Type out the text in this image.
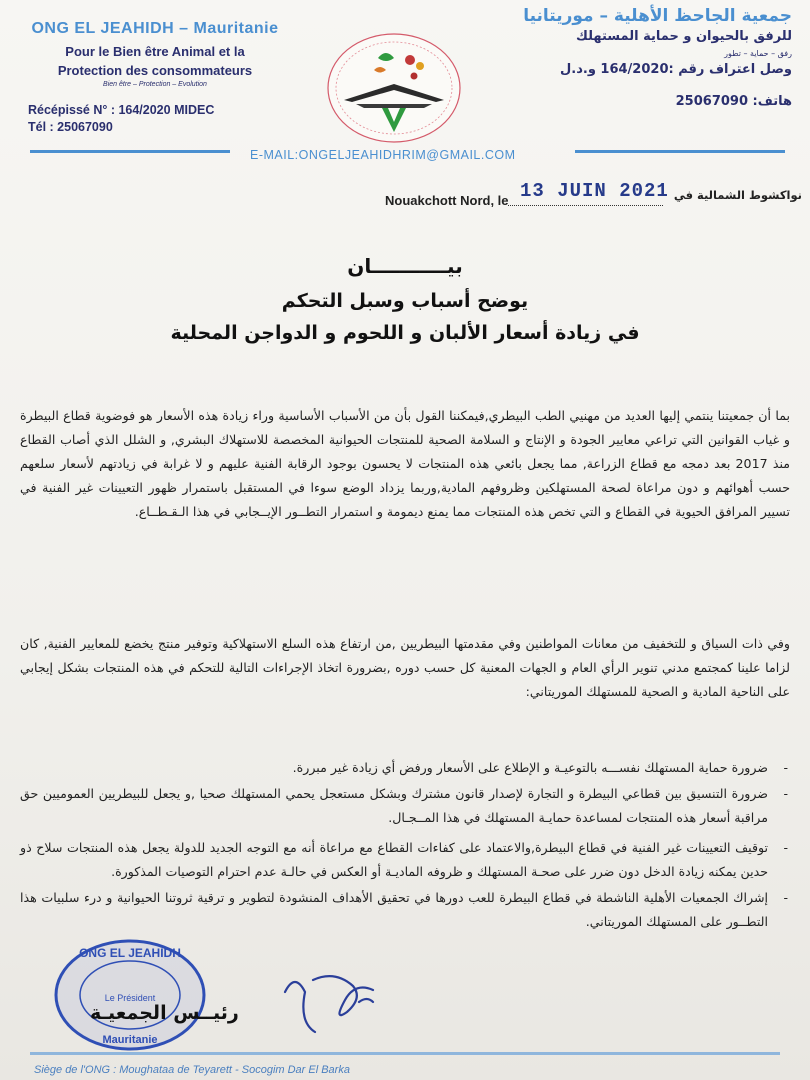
ONG EL JEAHIDH – Mauritanie
Pour le Bien être Animal et la
Protection des consommateurs
Bien être – Protection – Evolution
Récépissé N° : 164/2020 MIDEC
Tél : 25067090
جمعية الجاحظ الأهلية – موريتانيا
للرفق بالحيوان و حماية المستهلك
رفق – حماية – تطور
وصل اعتراف رقم :164/2020 و.د.ل
هاتف: 25067090
E-MAIL:ONGELJEAHIDHRIM@GMAIL.COM
Nouakchott Nord, le 13 JUIN 2021 نواكشوط الشمالية في
بيـــــــــــان
يوضح أسباب وسبل التحكم
في زيادة أسعار الألبان و اللحوم و الدواجن المحلية
بما أن جمعيتنا ينتمي إليها العديد من مهنيي الطب البيطري,فيمكننا القول بأن من الأسباب الأساسية وراء زيادة هذه الأسعار هو فوضوية قطاع البيطرة و غياب القوانين التي تراعي معايير الجودة و الإنتاج و السلامة الصحية للمنتجات الحيوانية المخصصة للاستهلاك البشري, و الشلل الذي أصاب القطاع منذ 2017 بعد دمجه مع قطاع الزراعة, مما يجعل بائعي هذه المنتجات لا يحسون بوجود الرقابة الفنية عليهم و لا غرابة في زيادتهم لأسعار سلعهم حسب أهوائهم و دون مراعاة لصحة المستهلكين وظروفهم المادية,وربما يزداد الوضع سوءا في المستقبل باستمرار ظهور التعيينات غير الفنية في تسيير المرافق الحيوية في القطاع و التي تخص هذه المنتجات مما يمنع ديمومة و استمرار التطــور الإيــجابي في هذا الـقـطــاع.
وفي ذات السياق و للتخفيف من معانات المواطنين وفي مقدمتها البيطريين ,من ارتفاع هذه السلع الاستهلاكية وتوفير منتج يخضع للمعايير الفنية, كان لزاما علينا كمجتمع مدني تنوير الرأي العام و الجهات المعنية كل حسب دوره ,بضرورة اتخاذ الإجراءات التالية للتحكم في هذه المنتجات بشكل إيجابي على الناحية المادية و الصحية للمستهلك الموريتاني:
-
ضرورة حماية المستهلك نفســـه بالتوعيـة و الإطلاع على الأسعار ورفض أي زيادة غير مبررة.
-
ضرورة التنسيق بين قطاعي البيطرة و التجارة لإصدار قانون مشترك وبشكل مستعجل يحمي المستهلك صحيا ,و يجعل للبيطريين العموميين حق مراقبة أسعار هذه المنتجات لمساعدة حمايـة المستهلك في هذا المــجـال.
-
توقيف التعيينات غير الفنية في قطاع البيطرة,والاعتماد على كفاءات القطاع مع مراعاة أنه مع التوجه الجديد للدولة يجعل هذه المنتجات سلاح ذو حدين يمكنه زيادة الدخل دون ضرر على صحـة المستهلك و ظروفه الماديـة أو العكس في حالـة عدم احترام التوصيات المذكورة.
-
إشراك الجمعيات الأهلية الناشطة في قطاع البيطرة للعب دورها في تحقيق الأهداف المنشودة لتطوير و ترقية ثروتنا الحيوانية و درء سلبيات هذا التطــور على المستهلك الموريتاني.
ONG EL JEAHIDH
Mauritanie
Le Président
رئيــس الجمعيـة
Siège de l'ONG : Moughataa de Teyarett - Socogim Dar El Barka
